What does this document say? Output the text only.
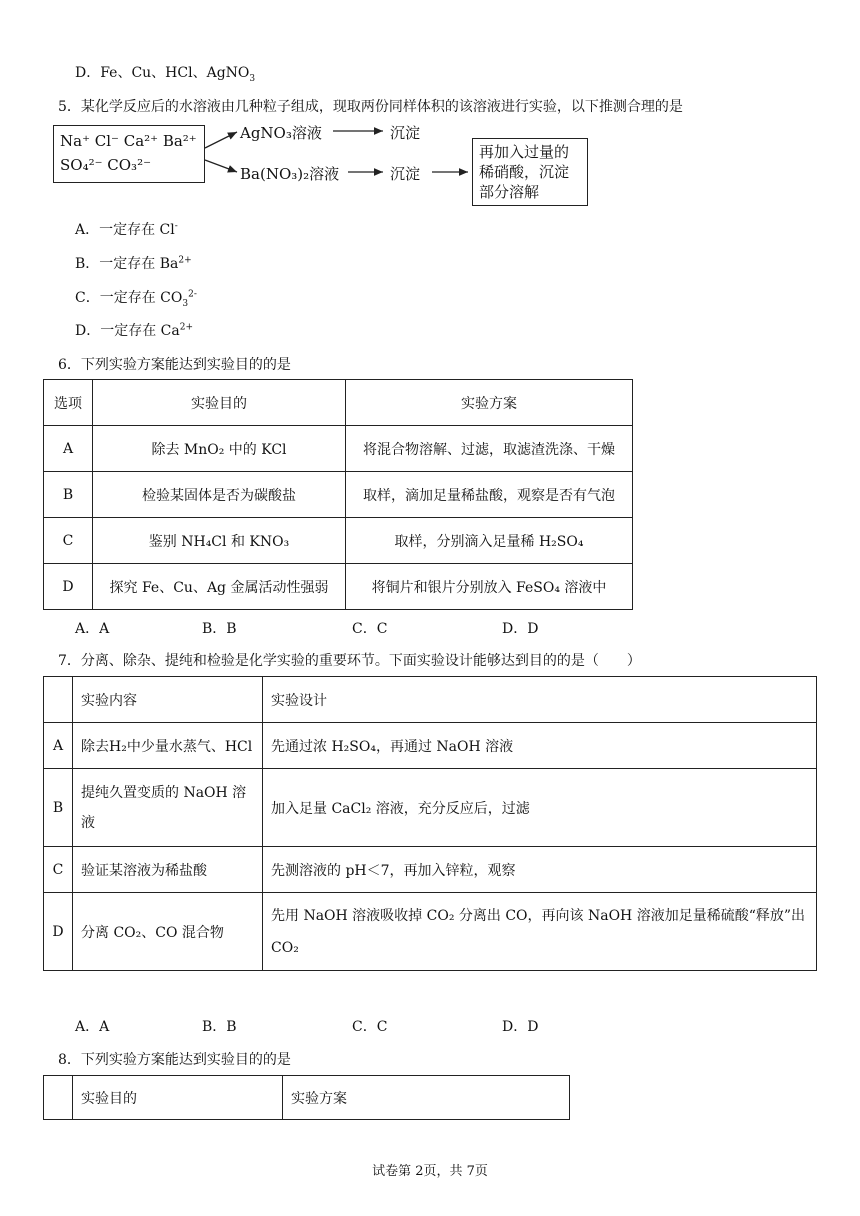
D．Fe、Cu、HCl、AgNO$_3$
5．某化学反应后的水溶液由几种粒子组成，现取两份同样体积的该溶液进行实验，以下推测合理的是
Na⁺ Cl⁻ Ca²⁺ Ba²⁺
SO₄²⁻ CO₃²⁻
AgNO₃溶液
Ba(NO₃)₂溶液
沉淀
沉淀
再加入过量的
稀硝酸，沉淀
部分溶解
A．一定存在 Cl-
B．一定存在 $Ba^{2+}$
C．一定存在 $CO_3^{2-}$
D．一定存在 $Ca^{2+}$
6．下列实验方案能达到实验目的的是
选项	实验目的	实验方案
A	除去 MnO₂ 中的 KCl	将混合物溶解、过滤，取滤渣洗涤、干燥
B	检验某固体是否为碳酸盐	取样，滴加足量稀盐酸，观察是否有气泡
C	鉴别 NH₄Cl 和 KNO₃	取样，分别滴入足量稀 H₂SO₄
D	探究 Fe、Cu、Ag 金属活动性强弱	将铜片和银片分别放入 FeSO₄ 溶液中
A．A	B．B	C．C	D．D
7．分离、除杂、提纯和检验是化学实验的重要环节。下面实验设计能够达到目的的是（　　）
	实验内容	实验设计
A	除去H₂中少量水蒸气、HCl	先通过浓 H₂SO₄，再通过 NaOH 溶液
B	提纯久置变质的 NaOH 溶液	加入足量 CaCl₂ 溶液，充分反应后，过滤
C	验证某溶液为稀盐酸	先测溶液的 pH＜7，再加入锌粒，观察
D	分离 CO₂、CO 混合物	先用 NaOH 溶液吸收掉 CO₂ 分离出 CO，再向该 NaOH 溶液加足量稀硫酸“释放”出 CO₂
A．A	B．B	C．C	D．D
8．下列实验方案能达到实验目的的是
	实验目的	实验方案
试卷第 2页，共 7页
